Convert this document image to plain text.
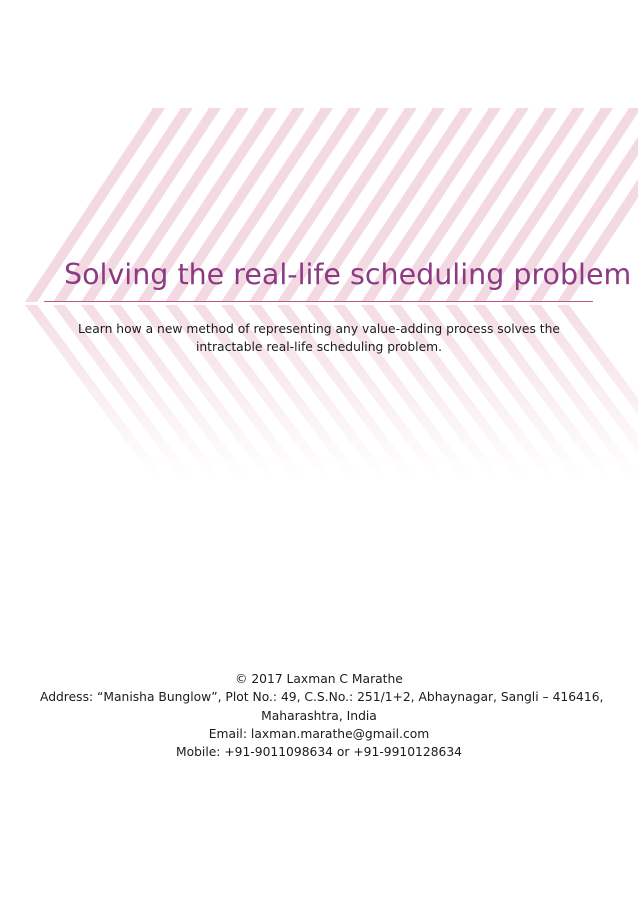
Solving the real-life scheduling problem

Learn how a new method of representing any value-adding process solves the intractable real-life scheduling problem.

© 2017 Laxman C Marathe
Address: “Manisha Bunglow”, Plot No.: 49, C.S.No.: 251/1+2, Abhaynagar, Sangli – 416416,
Maharashtra, India
Email: laxman.marathe@gmail.com
Mobile: +91-9011098634 or +91-9910128634
